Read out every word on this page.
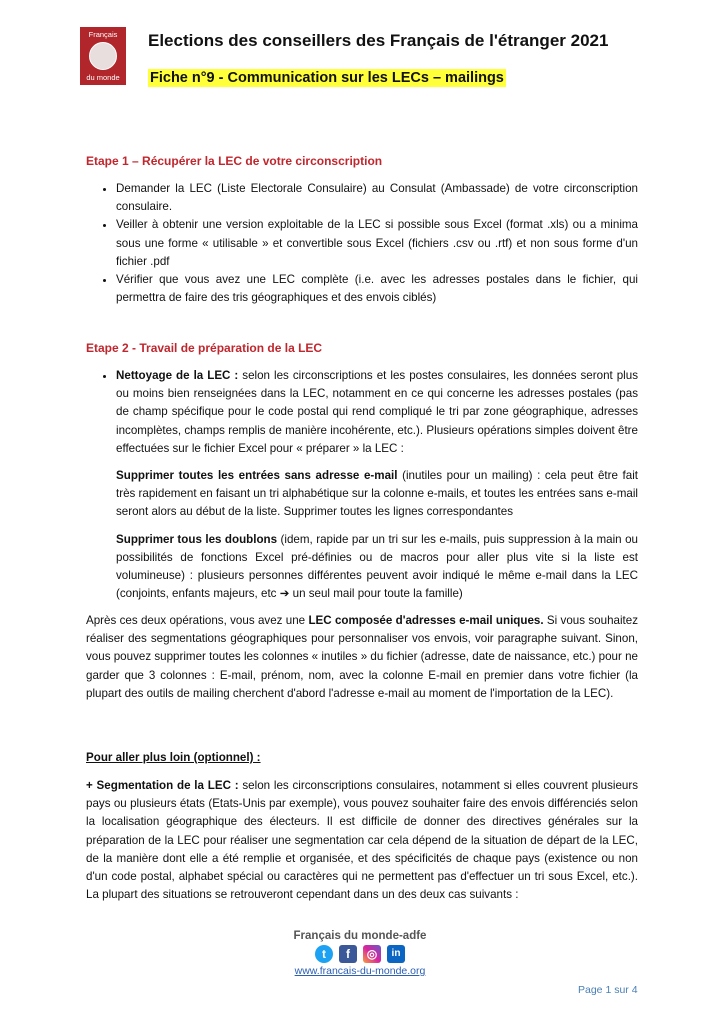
Français
du monde
Elections des conseillers des Français de l'étranger 2021
Fiche n°9 - Communication sur les LECs – mailings
Etape 1 – Récupérer la LEC de votre circonscription
• Demander la LEC (Liste Electorale Consulaire) au Consulat (Ambassade) de votre circonscription consulaire.
• Veiller à obtenir une version exploitable de la LEC si possible sous Excel (format .xls) ou a minima sous une forme « utilisable » et convertible sous Excel (fichiers .csv ou .rtf) et non sous forme d'un fichier .pdf
• Vérifier que vous avez une LEC complète (i.e. avec les adresses postales dans le fichier, qui permettra de faire des tris géographiques et des envois ciblés)
Etape 2 - Travail de préparation de la LEC
• Nettoyage de la LEC : selon les circonscriptions et les postes consulaires, les données seront plus ou moins bien renseignées dans la LEC, notamment en ce qui concerne les adresses postales (pas de champ spécifique pour le code postal qui rend compliqué le tri par zone géographique, adresses incomplètes, champs remplis de manière incohérente, etc.). Plusieurs opérations simples doivent être effectuées sur le fichier Excel pour « préparer » la LEC :

Supprimer toutes les entrées sans adresse e-mail (inutiles pour un mailing) : cela peut être fait très rapidement en faisant un tri alphabétique sur la colonne e-mails, et toutes les entrées sans e-mail seront alors au début de la liste. Supprimer toutes les lignes correspondantes

Supprimer tous les doublons (idem, rapide par un tri sur les e-mails, puis suppression à la main ou possibilités de fonctions Excel pré-définies ou de macros pour aller plus vite si la liste est volumineuse) : plusieurs personnes différentes peuvent avoir indiqué le même e-mail dans la LEC (conjoints, enfants majeurs, etc ➔ un seul mail pour toute la famille)

Après ces deux opérations, vous avez une LEC composée d'adresses e-mail uniques. Si vous souhaitez réaliser des segmentations géographiques pour personnaliser vos envois, voir paragraphe suivant. Sinon, vous pouvez supprimer toutes les colonnes « inutiles » du fichier (adresse, date de naissance, etc.) pour ne garder que 3 colonnes : E-mail, prénom, nom, avec la colonne E-mail en premier dans votre fichier (la plupart des outils de mailing cherchent d'abord l'adresse e-mail au moment de l'importation de la LEC).
Pour aller plus loin (optionnel) :
+ Segmentation de la LEC : selon les circonscriptions consulaires, notamment si elles couvrent plusieurs pays ou plusieurs états (Etats-Unis par exemple), vous pouvez souhaiter faire des envois différenciés selon la localisation géographique des électeurs. Il est difficile de donner des directives générales sur la préparation de la LEC pour réaliser une segmentation car cela dépend de la situation de départ de la LEC, de la manière dont elle a été remplie et organisée, et des spécificités de chaque pays (existence ou non d'un code postal, alphabet spécial ou caractères qui ne permettent pas d'effectuer un tri sous Excel, etc.). La plupart des situations se retrouveront cependant dans un des deux cas suivants :
Français du monde-adfe
t	f	◎	in
www.francais-du-monde.org
Page 1 sur 4
